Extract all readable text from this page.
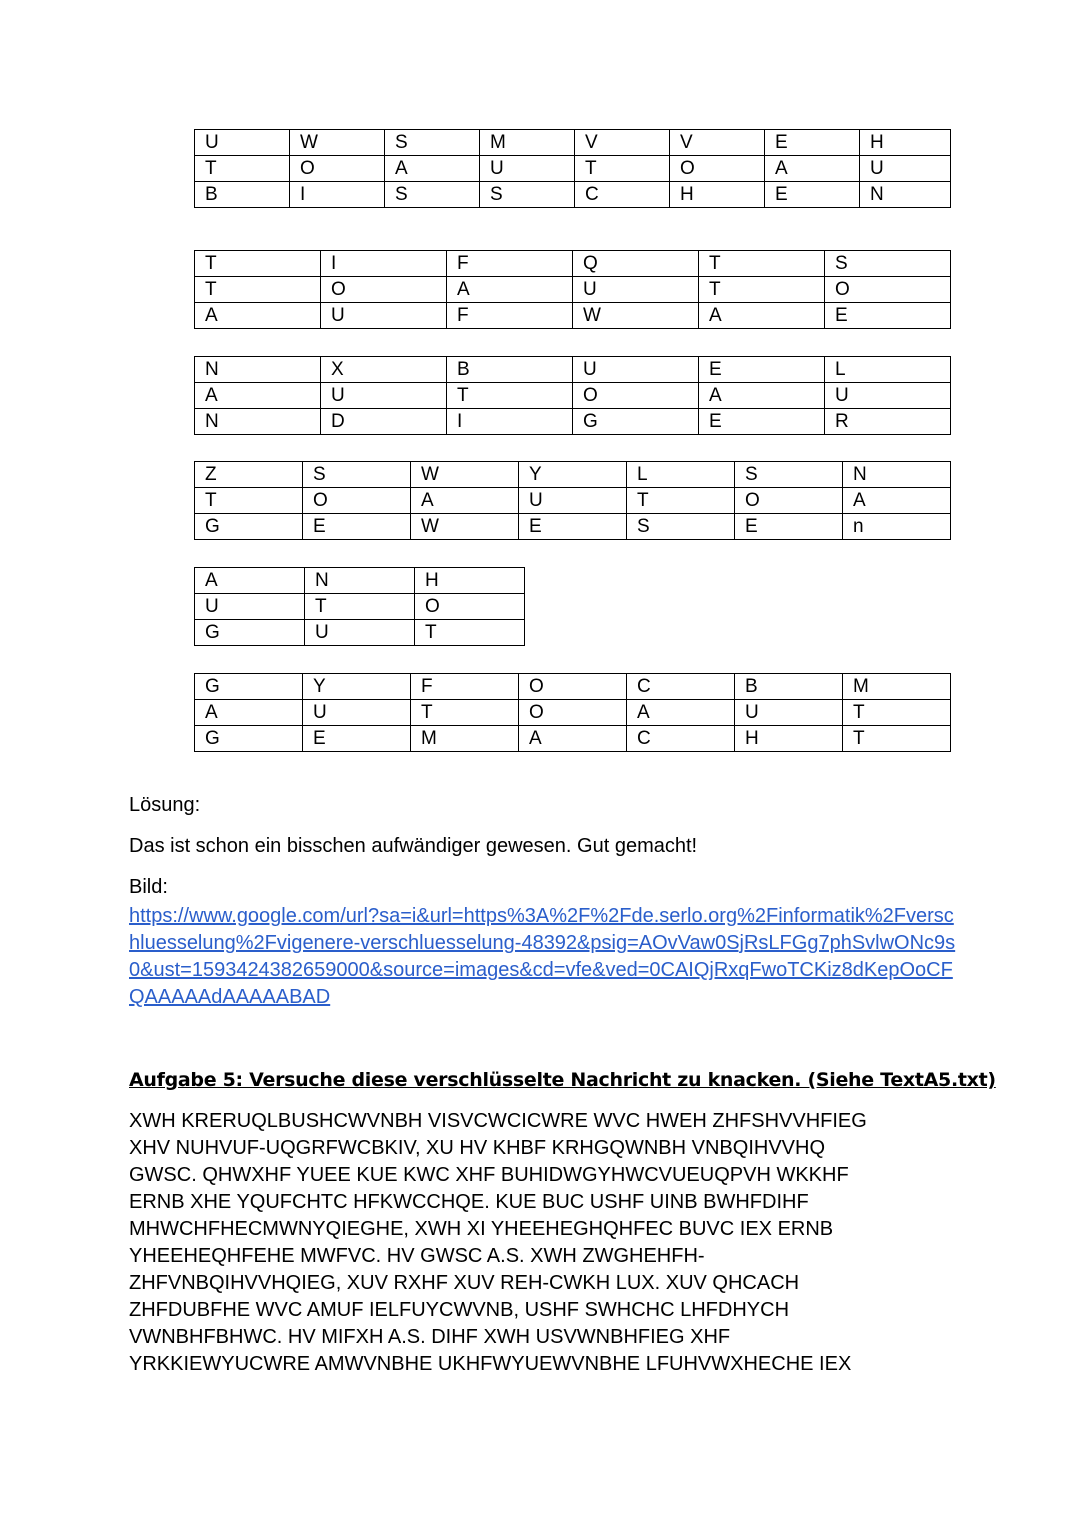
U	W	S	M	V	V	E	H
T	O	A	U	T	O	A	U
B	I	S	S	C	H	E	N
T	I	F	Q	T	S
T	O	A	U	T	O
A	U	F	W	A	E
N	X	B	U	E	L
A	U	T	O	A	U
N	D	I	G	E	R
Z	S	W	Y	L	S	N
T	O	A	U	T	O	A
G	E	W	E	S	E	n
A	N	H
U	T	O
G	U	T
G	Y	F	O	C	B	M
A	U	T	O	A	U	T
G	E	M	A	C	H	T
Lösung:
Das ist schon ein bisschen aufwändiger gewesen. Gut gemacht!
Bild:
https://www.google.com/url?sa=i&url=https%3A%2F%2Fde.serlo.org%2Finformatik%2Fverschluesselung%2Fvigenere-verschluesselung-48392&psig=AOvVaw0SjRsLFGg7phSvlwONc9s0&ust=1593424382659000&source=images&cd=vfe&ved=0CAIQjRxqFwoTCKiz8dKepOoCFQAAAAAdAAAAABAD
Aufgabe 5: Versuche diese verschlüsselte Nachricht zu knacken. (Siehe TextA5.txt)
XWH KRERUQLBUSHCWVNBH VISVCWCICWRE WVC HWEH ZHFSHVVHFIEG
XHV NUHVUF-UQGRFWCBKIV, XU HV KHBF KRHGQWNBH VNBQIHVVHQ
GWSC. QHWXHF YUEE KUE KWC XHF BUHIDWGYHWCVUEUQPVH WKKHF
ERNB XHE YQUFCHTC HFKWCCHQE. KUE BUC USHF UINB BWHFDIHF
MHWCHFHECMWNYQIEGHE, XWH XI YHEEHEGHQHFEC BUVC IEX ERNB
YHEEHEQHFEHE MWFVC. HV GWSC A.S. XWH ZWGHEHFH-
ZHFVNBQIHVVHQIEG, XUV RXHF XUV REH-CWKH LUX. XUV QHCACH
ZHFDUBFHE WVC AMUF IELFUYCWVNB, USHF SWHCHC LHFDHYCH
VWNBHFBHWC. HV MIFXH A.S. DIHF XWH USVWNBHFIEG XHF
YRKKIEWYUCWRE AMWVNBHE UKHFWYUEWVNBHE LFUHVWXHECHE IEX
